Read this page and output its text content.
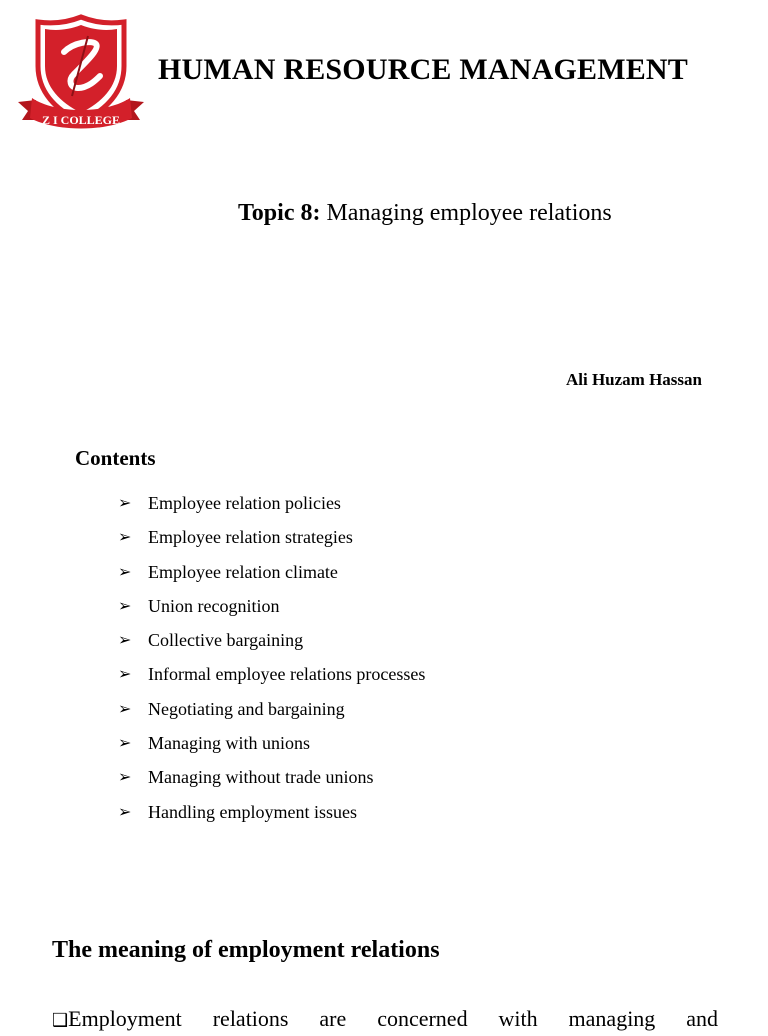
Z I COLLEGE
HUMAN RESOURCE MANAGEMENT
Topic 8: Managing employee relations
Ali Huzam Hassan
Contents
➢ Employee relation policies
➢ Employee relation strategies
➢ Employee relation climate
➢ Union recognition
➢ Collective bargaining
➢ Informal employee relations processes
➢ Negotiating and bargaining
➢ Managing with unions
➢ Managing without trade unions
➢ Handling employment issues
The meaning of employment relations
❑Employment relations are concerned with managing and
